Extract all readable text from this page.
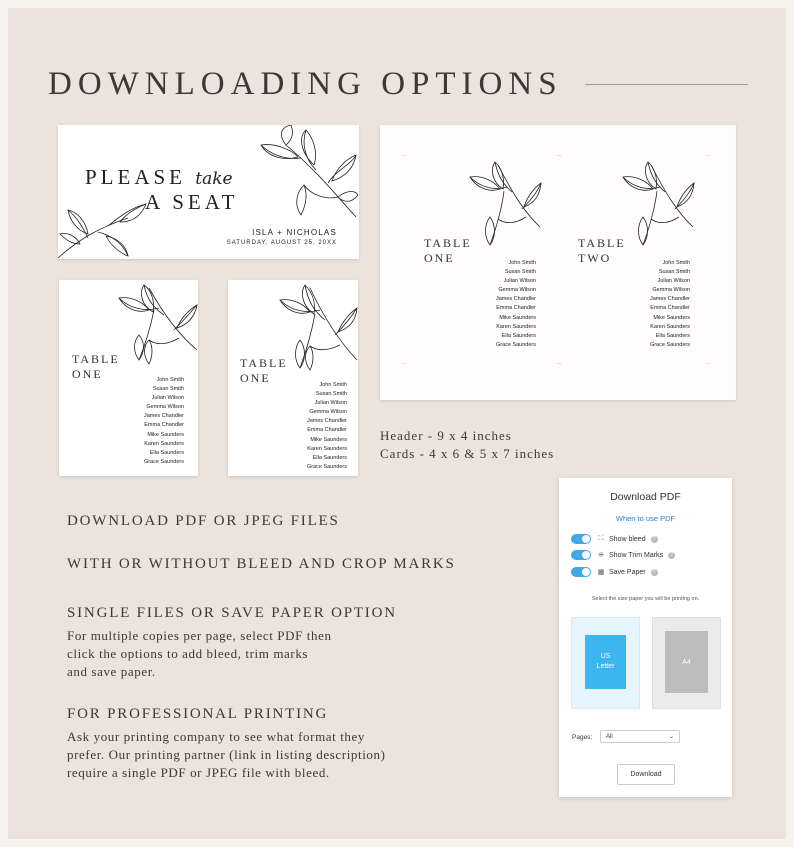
DOWNLOADING OPTIONS
PLEASE take
A SEAT
ISLA + NICHOLAS
SATURDAY, AUGUST 25, 20XX
TABLE
ONE	John Smith
Susan Smith
Julian Wilson
Gemma Wilson
James Chandler
Emma Chandler
Mike Saunders
Karen Saunders
Ella Saunders
Grace Saunders
TABLE
ONE	John Smith
Susan Smith
Julian Wilson
Gemma Wilson
James Chandler
Emma Chandler
Mike Saunders
Karen Saunders
Ella Saunders
Grace Saunders
TABLE
ONE	John Smith
Susan Smith
Julian Wilson
Gemma Wilson
James Chandler
Emma Chandler
Mike Saunders
Karen Saunders
Ella Saunders
Grace Saunders
TABLE
TWO	John Smith
Susan Smith
Julian Wilson
Gemma Wilson
James Chandler
Emma Chandler
Mike Saunders
Karen Saunders
Ella Saunders
Grace Saunders
Header - 9 x 4 inches
Cards - 4 x 6 & 5 x 7 inches
DOWNLOAD PDF OR JPEG FILES
WITH OR WITHOUT BLEED AND CROP MARKS
SINGLE FILES OR SAVE PAPER OPTION
For multiple copies per page, select PDF then
click the options to add bleed, trim marks
and save paper.
FOR PROFESSIONAL PRINTING
Ask your printing company to see what format they
prefer. Our printing partner (link in listing description)
require a single PDF or JPEG file with bleed.
Download PDF
When to use PDF
⛶ Show bleed	?
⁜ Show Trim Marks	?
▦ Save Paper	?
Select the size paper you will be printing on.
US
Letter
A4
Pages: All	⌄
Download
